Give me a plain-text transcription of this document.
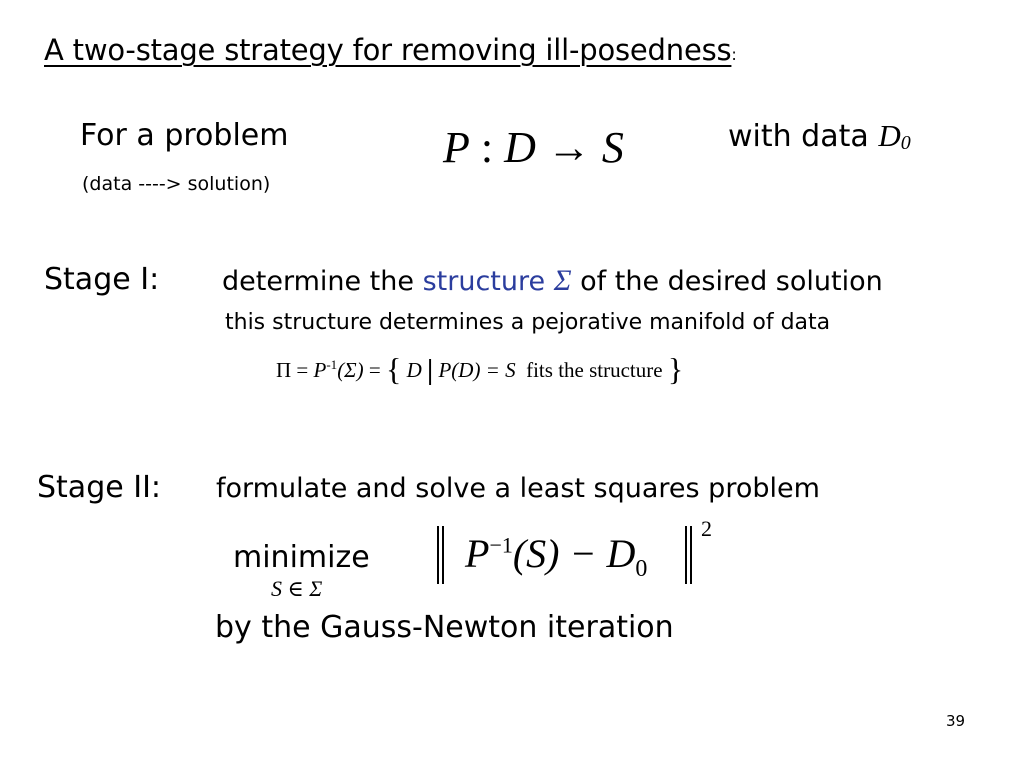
A two-stage strategy for removing ill-posedness:
For a problem	P : D → S	with data $D_0$
(data ----> solution)
Stage I: determine the structure Σ of the desired solution
this structure determines a pejorative manifold of data
$\Pi = P^{-1}(\Sigma)$ = { D | P(D) = S fits the structure }
Stage II: formulate and solve a least squares problem
minimize
S ∈ Σ
$P^{-1}(S) - D_0$
2
by the Gauss-Newton iteration
39
